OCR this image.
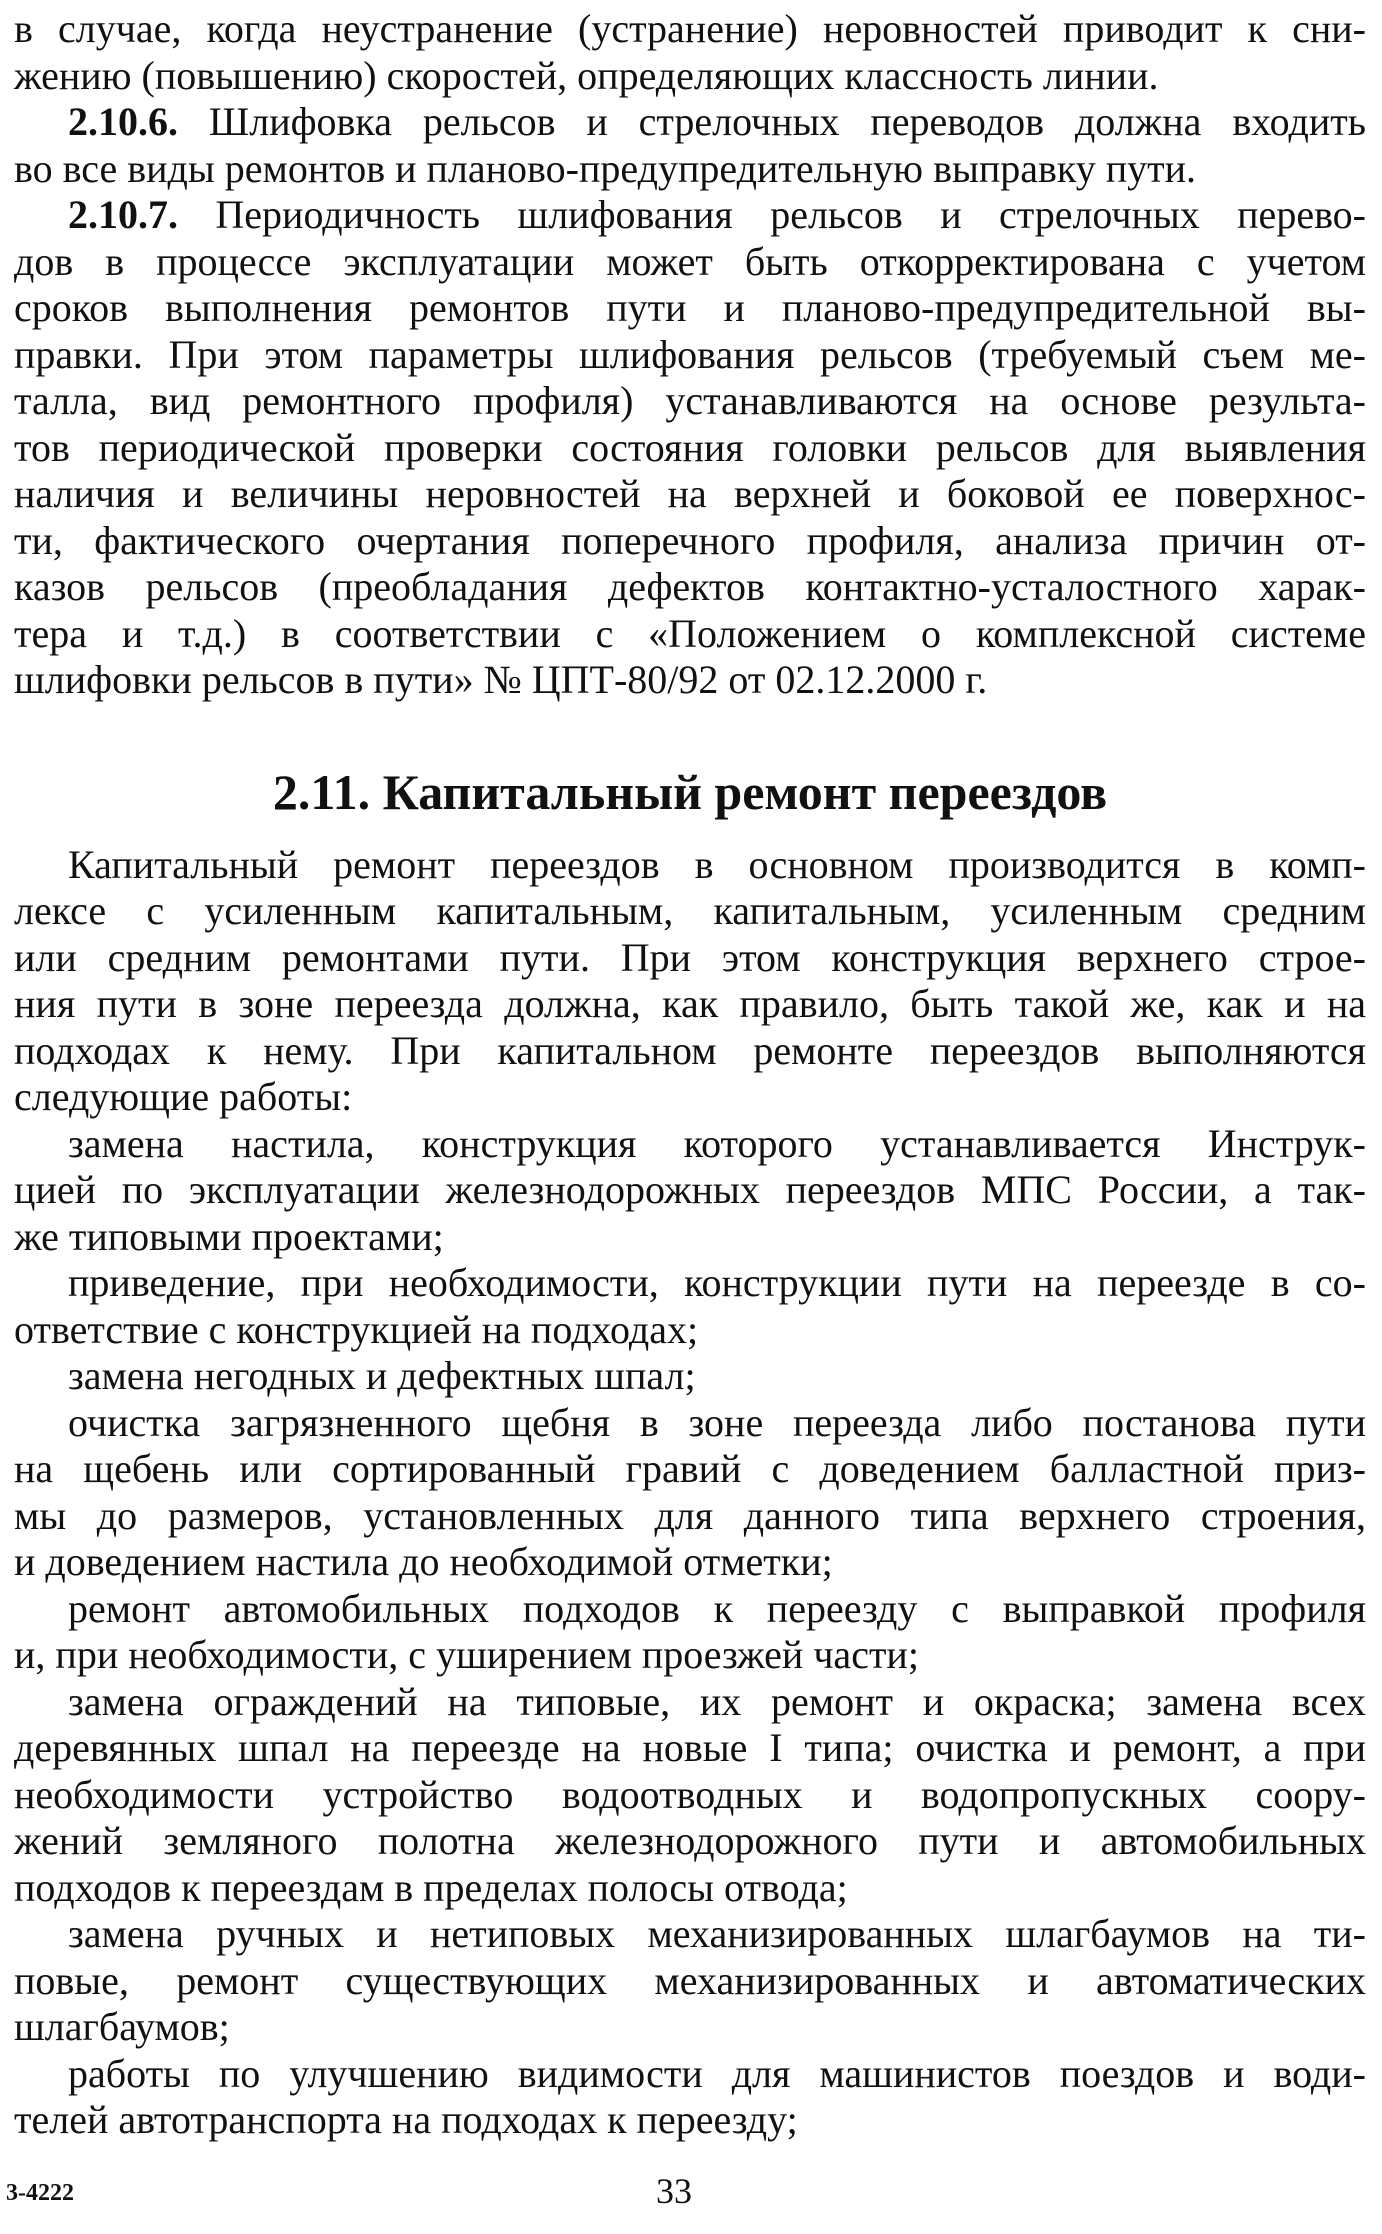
в случае, когда неустранение (устранение) неровностей приводит к сни-
жению (повышению) скоростей, определяющих классность линии.
2.10.6. Шлифовка рельсов и стрелочных переводов должна входить
во все виды ремонтов и планово-предупредительную выправку пути.
2.10.7. Периодичность шлифования рельсов и стрелочных перево-
дов в процессе эксплуатации может быть откорректирована с учетом
сроков выполнения ремонтов пути и планово-предупредительной вы-
правки. При этом параметры шлифования рельсов (требуемый съем ме-
талла, вид ремонтного профиля) устанавливаются на основе результа-
тов периодической проверки состояния головки рельсов для выявления
наличия и величины неровностей на верхней и боковой ее поверхнос-
ти, фактического очертания поперечного профиля, анализа причин от-
казов рельсов (преобладания дефектов контактно-усталостного харак-
тера и т.д.) в соответствии с «Положением о комплексной системе
шлифовки рельсов в пути» № ЦПТ-80/92 от 02.12.2000 г.
2.11. Капитальный ремонт переездов
Капитальный ремонт переездов в основном производится в комп-
лексе с усиленным капитальным, капитальным, усиленным средним
или средним ремонтами пути. При этом конструкция верхнего строе-
ния пути в зоне переезда должна, как правило, быть такой же, как и на
подходах к нему. При капитальном ремонте переездов выполняются
следующие работы:
замена настила, конструкция которого устанавливается Инструк-
цией по эксплуатации железнодорожных переездов МПС России, а так-
же типовыми проектами;
приведение, при необходимости, конструкции пути на переезде в со-
ответствие с конструкцией на подходах;
замена негодных и дефектных шпал;
очистка загрязненного щебня в зоне переезда либо постанова пути
на щебень или сортированный гравий с доведением балластной приз-
мы до размеров, установленных для данного типа верхнего строения,
и доведением настила до необходимой отметки;
ремонт автомобильных подходов к переезду с выправкой профиля
и, при необходимости, с уширением проезжей части;
замена ограждений на типовые, их ремонт и окраска; замена всех
деревянных шпал на переезде на новые I типа; очистка и ремонт, а при
необходимости устройство водоотводных и водопропускных соору-
жений земляного полотна железнодорожного пути и автомобильных
подходов к переездам в пределах полосы отвода;
замена ручных и нетиповых механизированных шлагбаумов на ти-
повые, ремонт существующих механизированных и автоматических
шлагбаумов;
работы по улучшению видимости для машинистов поездов и води-
телей автотранспорта на подходах к переезду;
3-4222	33
